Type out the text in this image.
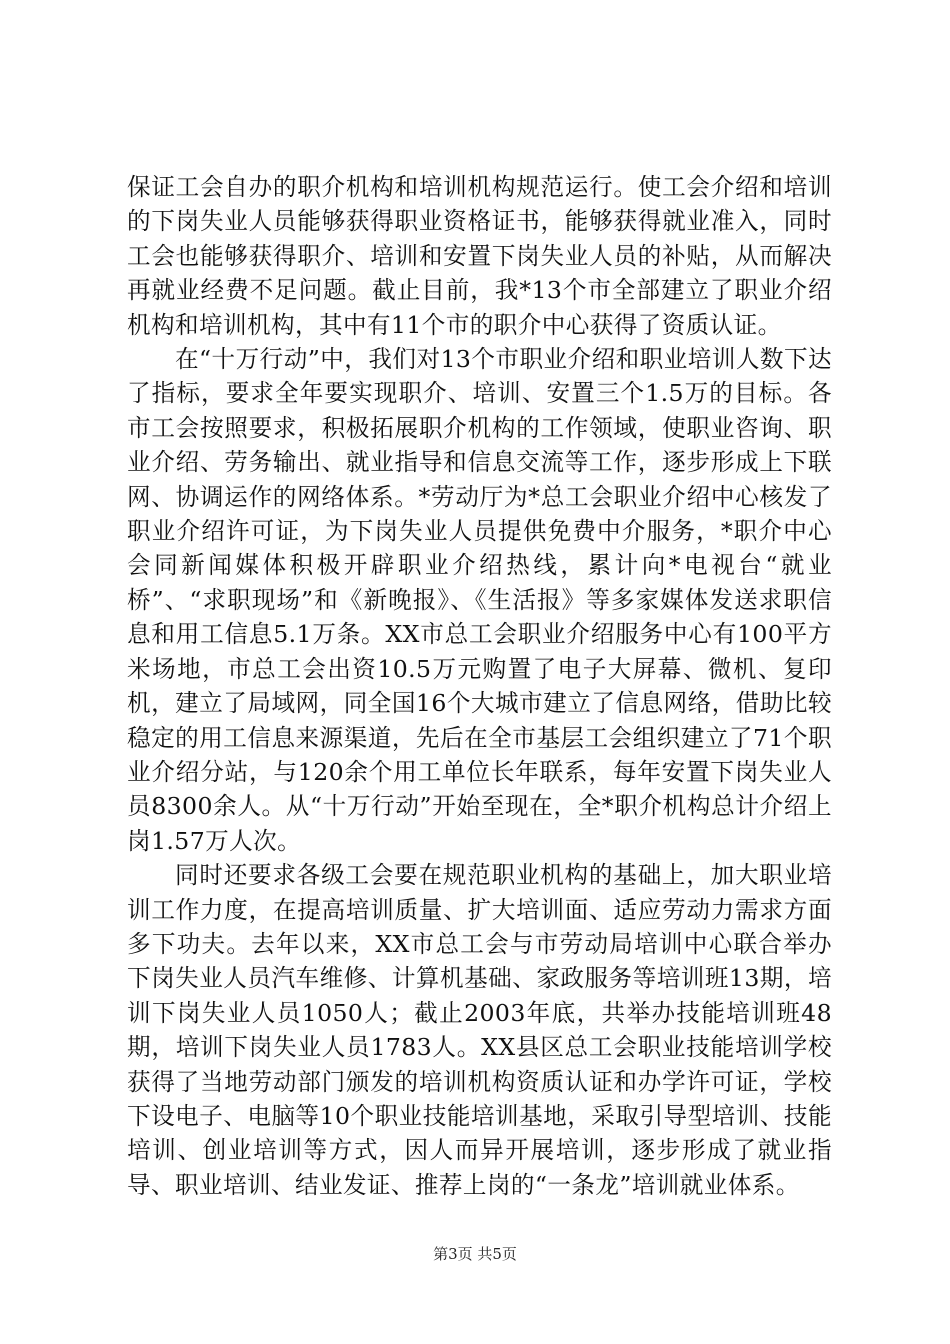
保证工会自办的职介机构和培训机构规范运行。使工会介绍和培训的下岗失业人员能够获得职业资格证书，能够获得就业准入，同时工会也能够获得职介、培训和安置下岗失业人员的补贴，从而解决再就业经费不足问题。截止目前，我*13个市全部建立了职业介绍机构和培训机构，其中有11个市的职介中心获得了资质认证。

在“十万行动”中，我们对13个市职业介绍和职业培训人数下达了指标，要求全年要实现职介、培训、安置三个1.5万的目标。各市工会按照要求，积极拓展职介机构的工作领域，使职业咨询、职业介绍、劳务输出、就业指导和信息交流等工作，逐步形成上下联网、协调运作的网络体系。*劳动厅为*总工会职业介绍中心核发了职业介绍许可证，为下岗失业人员提供免费中介服务，*职介中心会同新闻媒体积极开辟职业介绍热线，累计向*电视台“就业桥”、“求职现场”和《新晚报》、《生活报》等多家媒体发送求职信息和用工信息5.1万条。XX市总工会职业介绍服务中心有100平方米场地，市总工会出资10.5万元购置了电子大屏幕、微机、复印机，建立了局域网，同全国16个大城市建立了信息网络，借助比较稳定的用工信息来源渠道，先后在全市基层工会组织建立了71个职业介绍分站，与120余个用工单位长年联系，每年安置下岗失业人员8300余人。从“十万行动”开始至现在，全*职介机构总计介绍上岗1.57万人次。

同时还要求各级工会要在规范职业机构的基础上，加大职业培训工作力度，在提高培训质量、扩大培训面、适应劳动力需求方面多下功夫。去年以来，XX市总工会与市劳动局培训中心联合举办下岗失业人员汽车维修、计算机基础、家政服务等培训班13期，培训下岗失业人员1050人；截止2003年底，共举办技能培训班48期，培训下岗失业人员1783人。XX县区总工会职业技能培训学校获得了当地劳动部门颁发的培训机构资质认证和办学许可证，学校下设电子、电脑等10个职业技能培训基地，采取引导型培训、技能培训、创业培训等方式，因人而异开展培训，逐步形成了就业指导、职业培训、结业发证、推荐上岗的“一条龙”培训就业体系。

第3页 共5页
